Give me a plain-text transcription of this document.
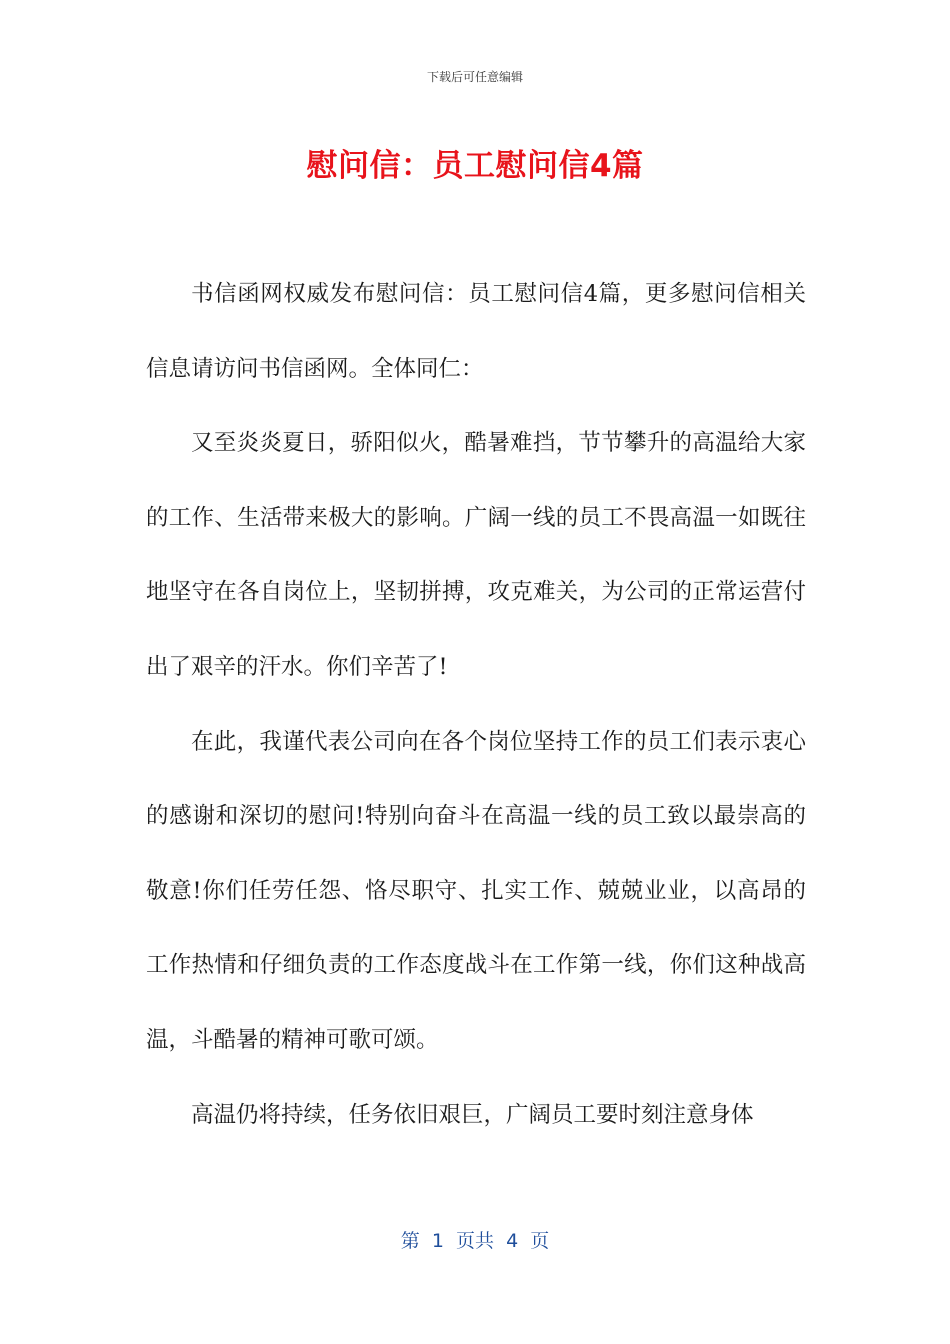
下载后可任意编辑
慰问信：员工慰问信4篇

书信函网权威发布慰问信：员工慰问信4篇，更多慰问信相关信息请访问书信函网。全体同仁：

又至炎炎夏日，骄阳似火，酷暑难挡，节节攀升的高温给大家的工作、生活带来极大的影响。广阔一线的员工不畏高温一如既往地坚守在各自岗位上，坚韧拼搏，攻克难关，为公司的正常运营付出了艰辛的汗水。你们辛苦了!

在此，我谨代表公司向在各个岗位坚持工作的员工们表示衷心的感谢和深切的慰问!特别向奋斗在高温一线的员工致以最崇高的敬意!你们任劳任怨、恪尽职守、扎实工作、兢兢业业，以高昂的工作热情和仔细负责的工作态度战斗在工作第一线，你们这种战高温，斗酷暑的精神可歌可颂。

高温仍将持续，任务依旧艰巨，广阔员工要时刻注意身体

第  1  页共  4  页
